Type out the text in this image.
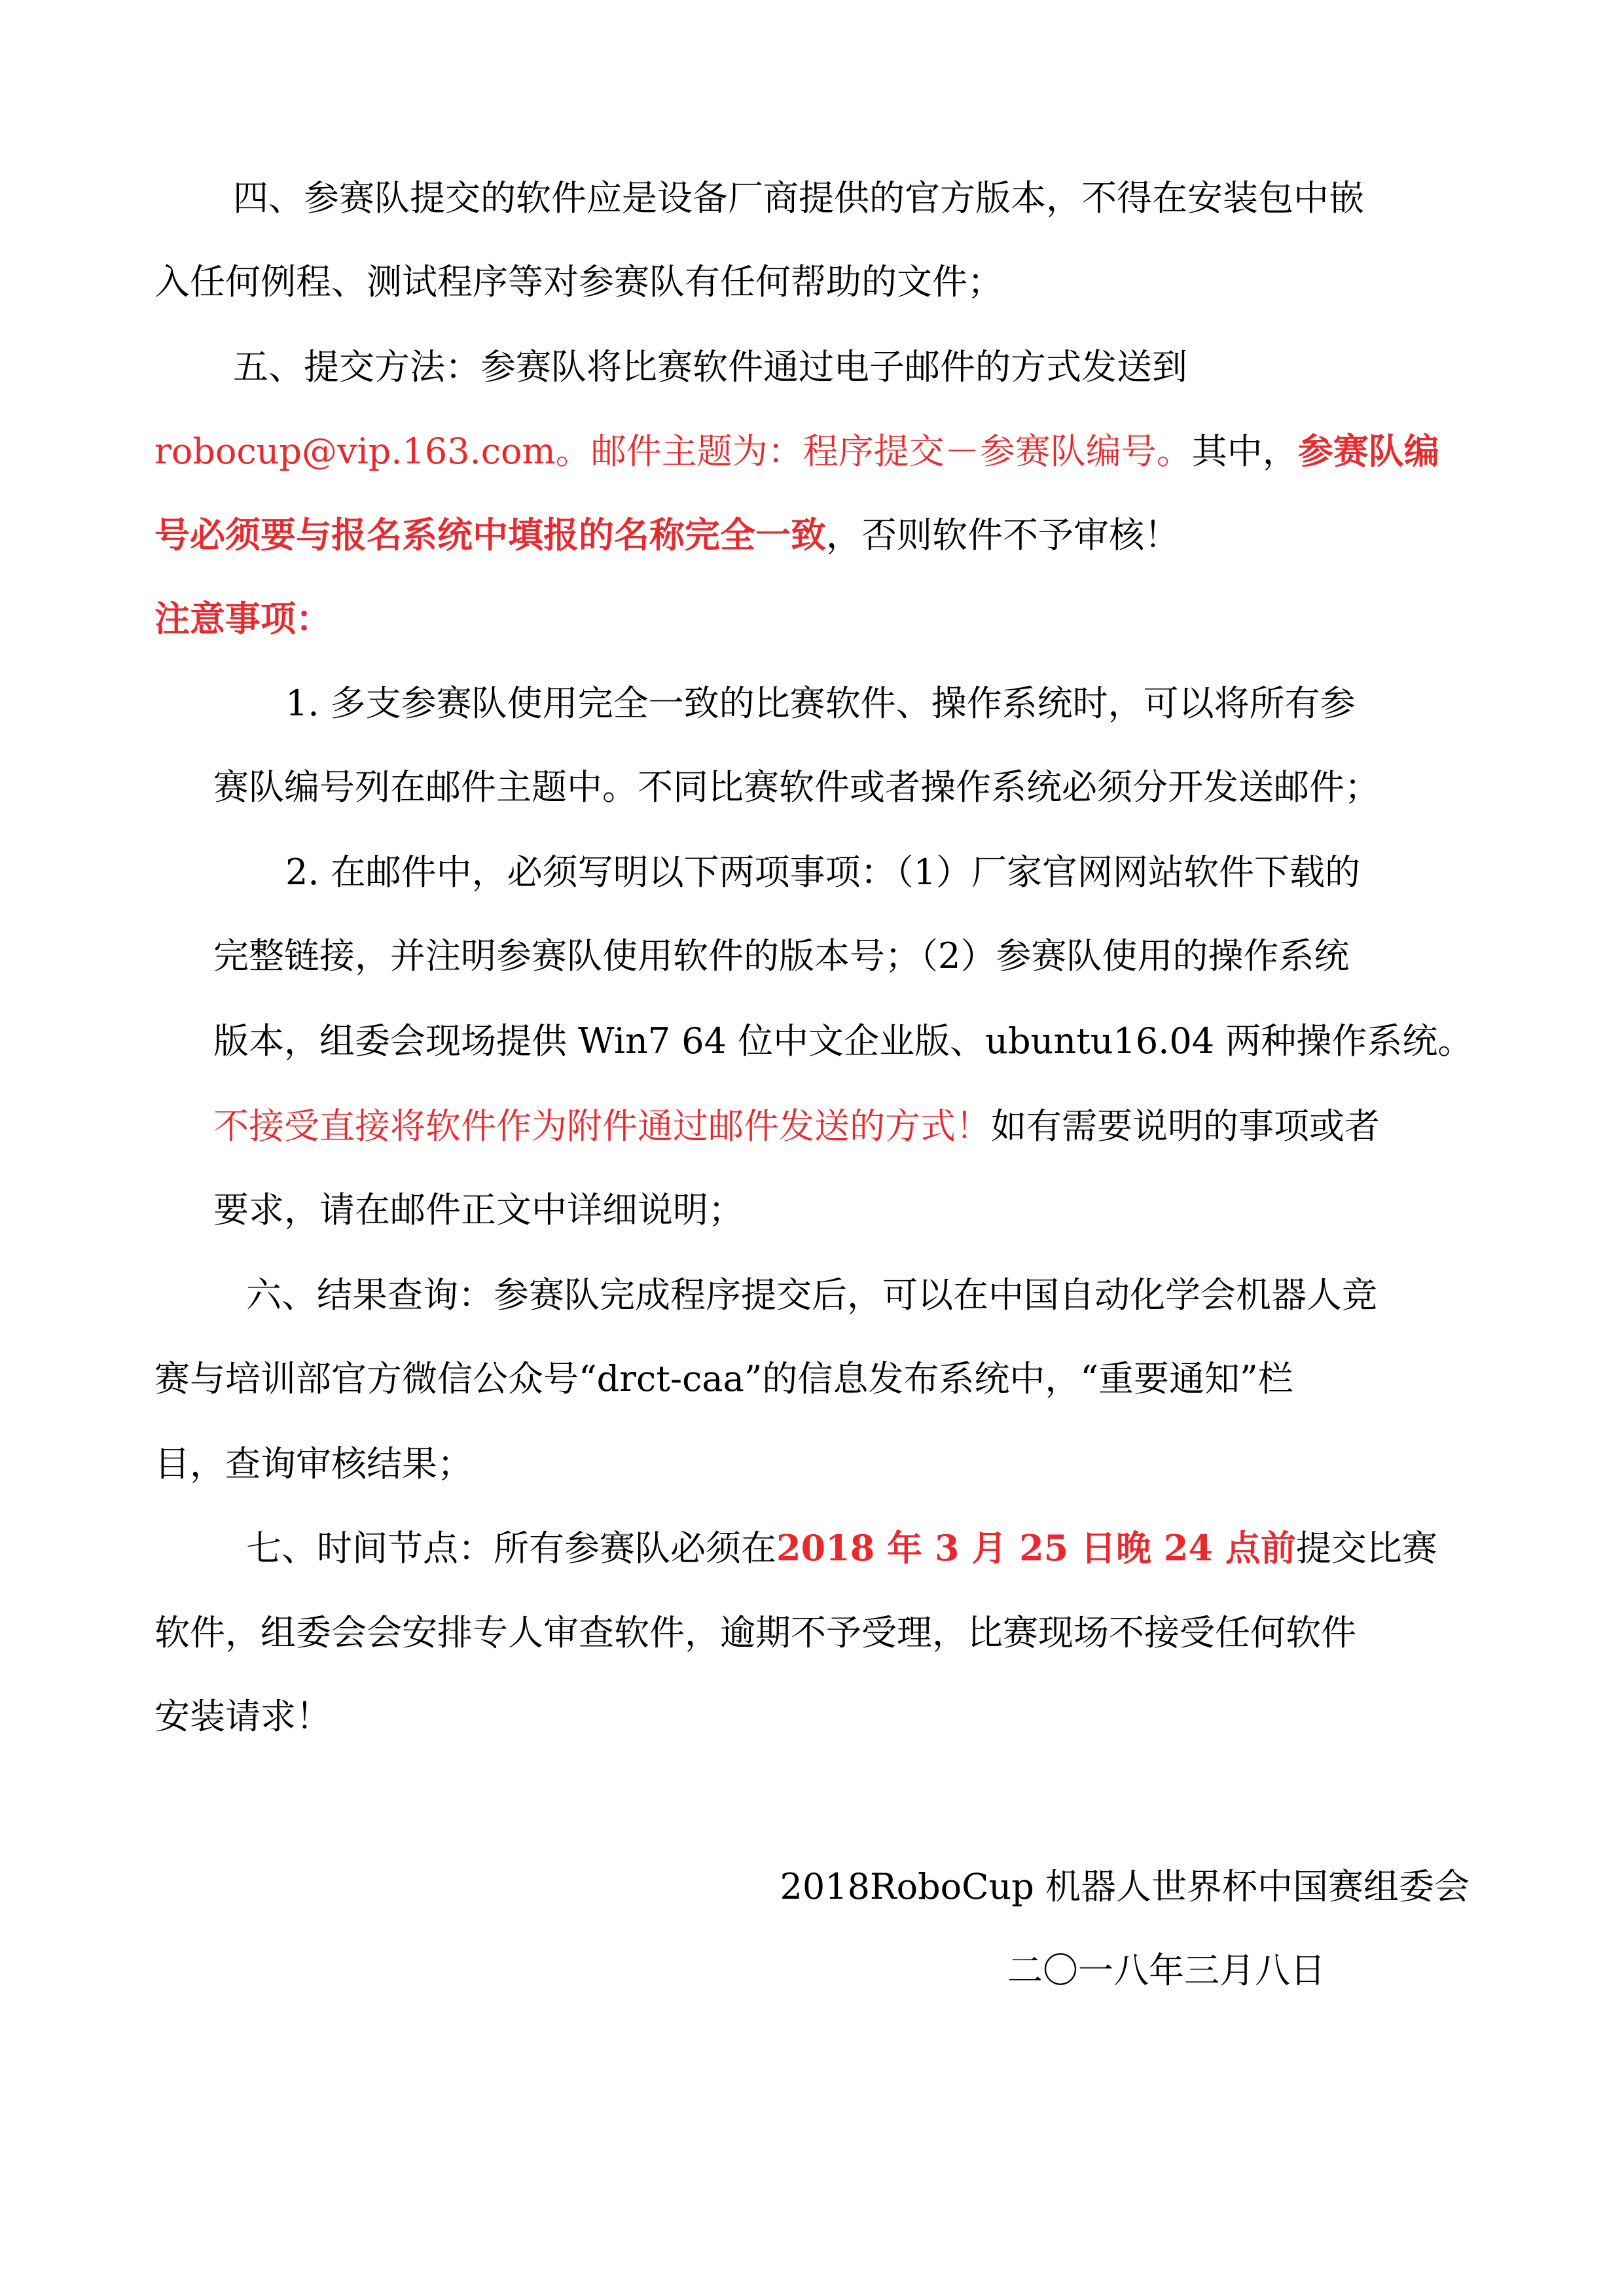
四、参赛队提交的软件应是设备厂商提供的官方版本，不得在安装包中嵌
入任何例程、测试程序等对参赛队有任何帮助的文件；
五、提交方法：参赛队将比赛软件通过电子邮件的方式发送到
robocup@vip.163.com。邮件主题为：程序提交－参赛队编号。其中，参赛队编
号必须要与报名系统中填报的名称完全一致，否则软件不予审核！
注意事项：
1. 多支参赛队使用完全一致的比赛软件、操作系统时，可以将所有参
赛队编号列在邮件主题中。不同比赛软件或者操作系统必须分开发送邮件；
2. 在邮件中，必须写明以下两项事项：（1）厂家官网网站软件下载的
完整链接，并注明参赛队使用软件的版本号；（2）参赛队使用的操作系统
版本，组委会现场提供 Win7 64 位中文企业版、ubuntu16.04 两种操作系统。
不接受直接将软件作为附件通过邮件发送的方式！如有需要说明的事项或者
要求，请在邮件正文中详细说明；
六、结果查询：参赛队完成程序提交后，可以在中国自动化学会机器人竞
赛与培训部官方微信公众号“drct-caa”的信息发布系统中，“重要通知”栏
目，查询审核结果；
七、时间节点：所有参赛队必须在2018 年 3 月 25 日晚 24 点前提交比赛
软件，组委会会安排专人审查软件，逾期不予受理，比赛现场不接受任何软件
安装请求！
2018RoboCup 机器人世界杯中国赛组委会
二〇一八年三月八日
